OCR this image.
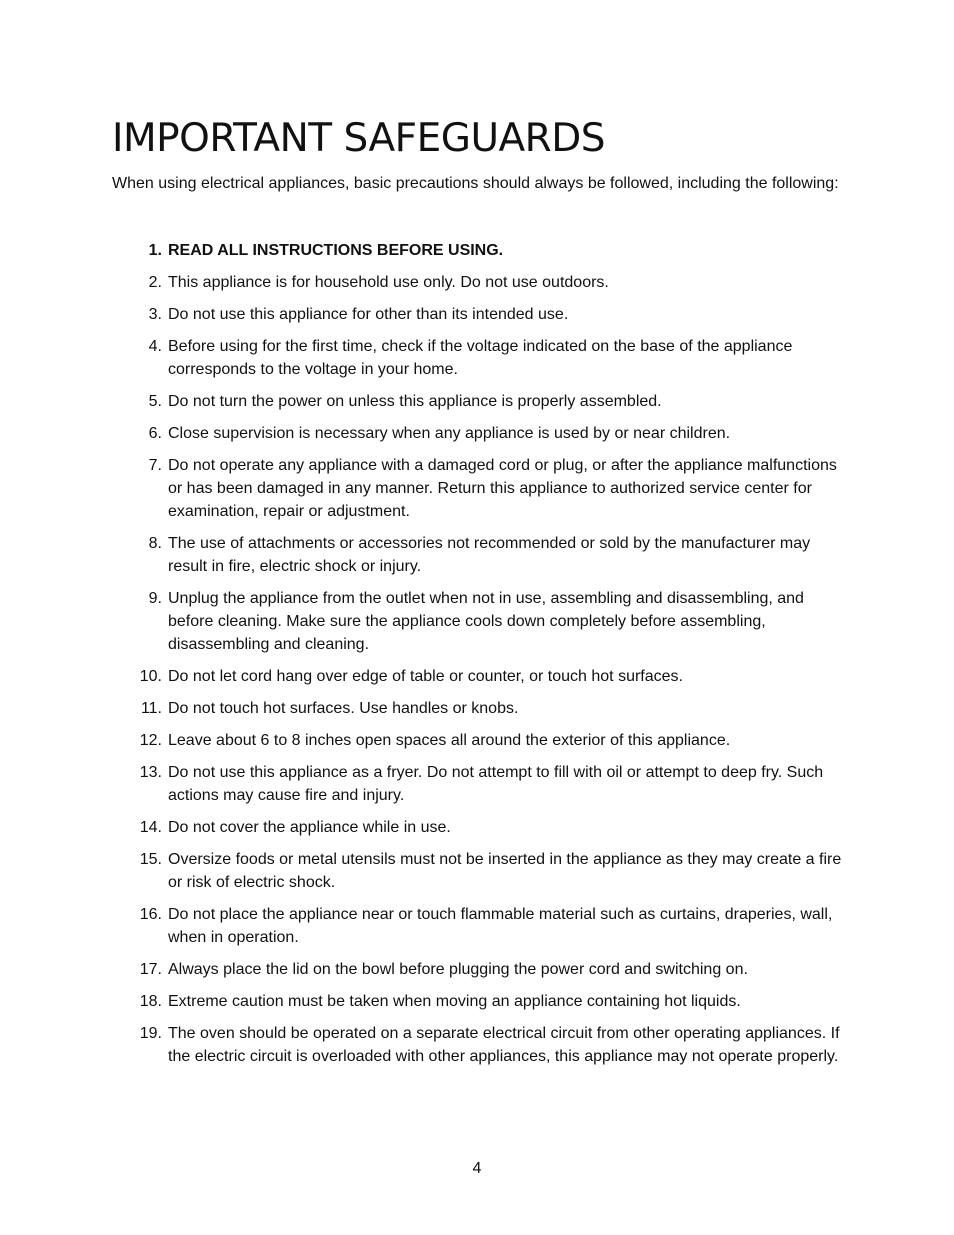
IMPORTANT SAFEGUARDS

When using electrical appliances, basic precautions should always be followed, including the following:

1. READ ALL INSTRUCTIONS BEFORE USING.
2. This appliance is for household use only. Do not use outdoors.
3. Do not use this appliance for other than its intended use.
4. Before using for the first time, check if the voltage indicated on the base of the appliance corresponds to the voltage in your home.
5. Do not turn the power on unless this appliance is properly assembled.
6. Close supervision is necessary when any appliance is used by or near children.
7. Do not operate any appliance with a damaged cord or plug, or after the appliance malfunctions or has been damaged in any manner. Return this appliance to authorized service center for examination, repair or adjustment.
8. The use of attachments or accessories not recommended or sold by the manufacturer may result in fire, electric shock or injury.
9. Unplug the appliance from the outlet when not in use, assembling and disassembling, and before cleaning. Make sure the appliance cools down completely before assembling, disassembling and cleaning.
10. Do not let cord hang over edge of table or counter, or touch hot surfaces.
11. Do not touch hot surfaces. Use handles or knobs.
12. Leave about 6 to 8 inches open spaces all around the exterior of this appliance.
13. Do not use this appliance as a fryer. Do not attempt to fill with oil or attempt to deep fry. Such actions may cause fire and injury.
14. Do not cover the appliance while in use.
15. Oversize foods or metal utensils must not be inserted in the appliance as they may create a fire or risk of electric shock.
16. Do not place the appliance near or touch flammable material such as curtains, draperies, wall, when in operation.
17. Always place the lid on the bowl before plugging the power cord and switching on.
18. Extreme caution must be taken when moving an appliance containing hot liquids.
19. The oven should be operated on a separate electrical circuit from other operating appliances. If the electric circuit is overloaded with other appliances, this appliance may not operate properly.
4
